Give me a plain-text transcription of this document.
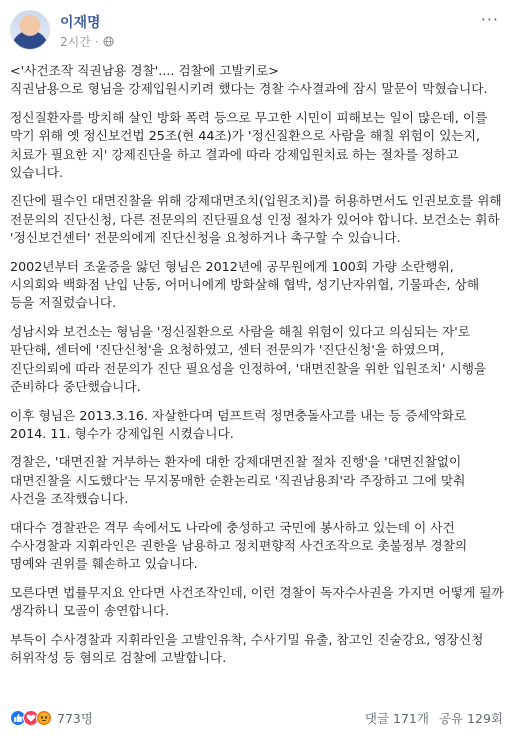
이재명
2시간 ·
···

<'사건조작 직권남용 경찰'.... 검찰에 고발키로>
직권남용으로 형님을 강제입원시키려 했다는 경찰 수사결과에 잠시 말문이 막혔습니다.

정신질환자를 방치해 살인 방화 폭력 등으로 무고한 시민이 피해보는 일이 많은데, 이를 막기 위해 옛 정신보건법 25조(현 44조)가 '정신질환으로 사람을 해칠 위험이 있는지, 치료가 필요한 지' 강제진단을 하고 결과에 따라 강제입원치료 하는 절차를 정하고 있습니다.

진단에 필수인 대면진찰을 위해 강제대면조치(입원조치)를 허용하면서도 인권보호를 위해 전문의의 진단신청, 다른 전문의의 진단필요성 인정 절차가 있어야 합니다. 보건소는 휘하 '정신보건센터' 전문의에게 진단신청을 요청하거나 촉구할 수 있습니다.

2002년부터 조울증을 앓던 형님은 2012년에 공무원에게 100회 가량 소란행위, 시의회와 백화점 난입 난동, 어머니에게 방화살해 협박, 성기난자위협, 기물파손, 상해 등을 저질렀습니다.

성남시와 보건소는 형님을 '정신질환으로 사람을 해칠 위험이 있다고 의심되는 자'로 판단해, 센터에 '진단신청'을 요청하였고, 센터 전문의가 '진단신청'을 하였으며, 진단의뢰에 따라 전문의가 진단 필요성을 인정하여, '대면진찰을 위한 입원조치' 시행을 준비하다 중단했습니다.

이후 형님은 2013.3.16. 자살한다며 덤프트럭 정면충돌사고를 내는 등 증세악화로 2014. 11. 형수가 강제입원 시켰습니다.

경찰은, '대면진찰 거부하는 환자에 대한 강제대면진찰 절차 진행'을 '대면진찰없이 대면진찰을 시도했다'는 무지몽매한 순환논리로 '직권남용죄'라 주장하고 그에 맞춰 사건을 조작했습니다.

대다수 경찰관은 격무 속에서도 나라에 충성하고 국민에 봉사하고 있는데 이 사건 수사경찰과 지휘라인은 권한을 남용하고 정치편향적 사건조작으로 촛불정부 경찰의 명예와 권위를 훼손하고 있습니다.

모른다면 법률무지요 안다면 사건조작인데, 이런 경찰이 독자수사권을 가지면 어떻게 될까 생각하니 모골이 송연합니다.

부득이 수사경찰과 지휘라인을 고발인유착, 수사기밀 유출, 참고인 진술강요, 영장신청 허위작성 등 혐의로 검찰에 고발합니다.

773명	댓글 171개 공유 129회
